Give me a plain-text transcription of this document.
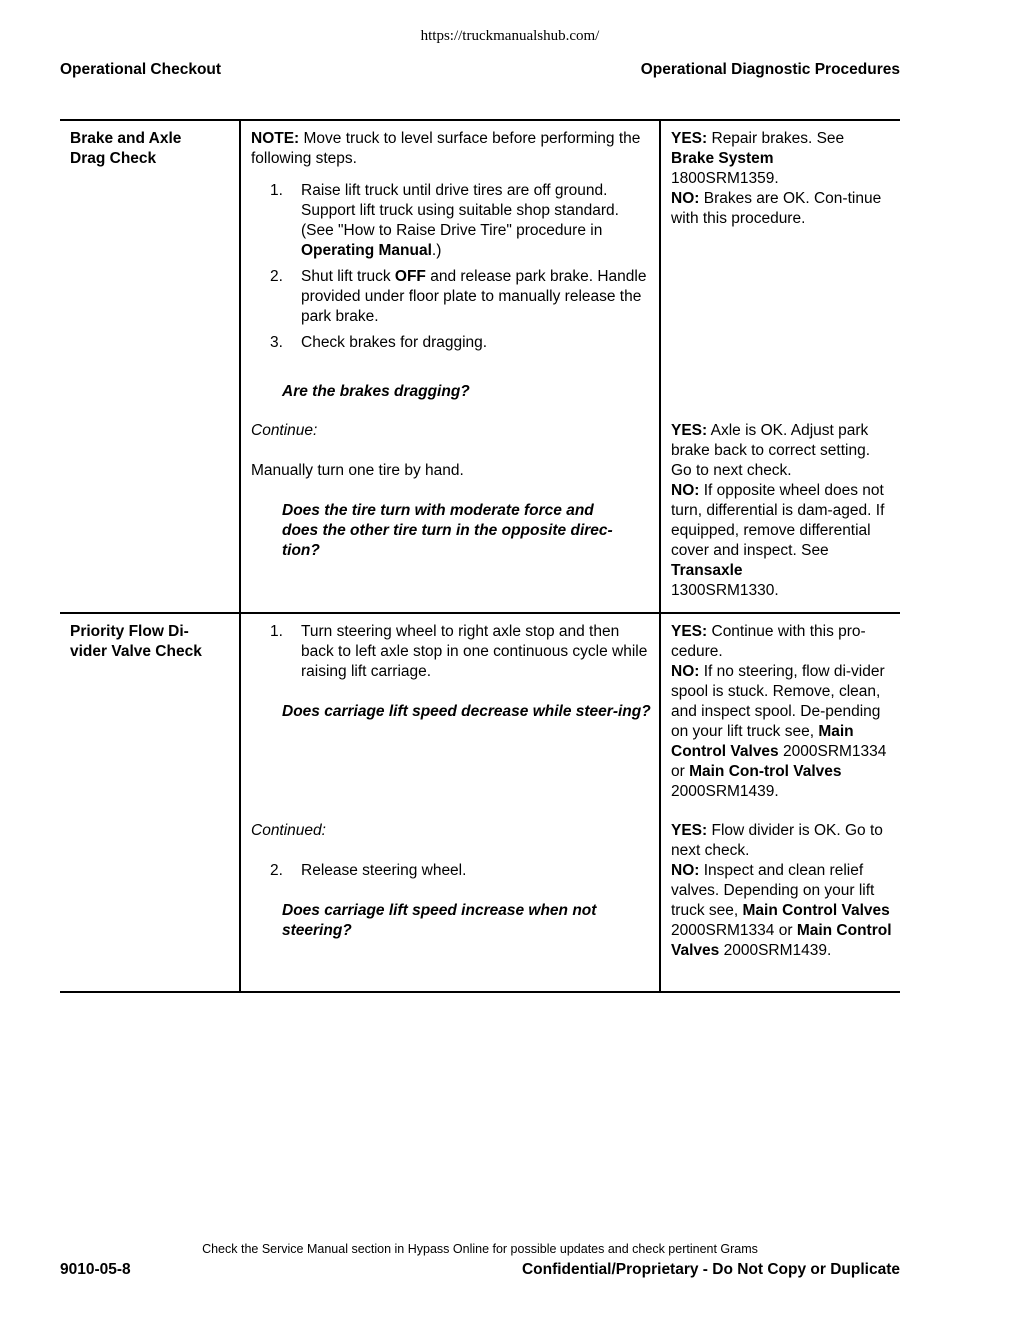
https://truckmanualshub.com/
Operational Checkout	Operational Diagnostic Procedures
Brake and Axle
Drag Check
NOTE: Move truck to level surface before performing the following steps.
1. Raise lift truck until drive tires are off ground. Support lift truck using suitable shop standard. (See "How to Raise Drive Tire" procedure in Operating Manual.)
2. Shut lift truck OFF and release park brake. Handle provided under floor plate to manually release the park brake.
3. Check brakes for dragging.
Are the brakes dragging?
YES: Repair brakes. See
Brake System
1800SRM1359.
NO: Brakes are OK. Con-tinue with this procedure.
Continue:
Manually turn one tire by hand.
Does the tire turn with moderate force and does the other tire turn in the opposite direc-tion?
YES: Axle is OK. Adjust park brake back to correct setting. Go to next check.
NO: If opposite wheel does not turn, differential is dam-aged. If equipped, remove differential cover and inspect. See Transaxle
1300SRM1330.
Priority Flow Di-
vider Valve Check
1. Turn steering wheel to right axle stop and then back to left axle stop in one continuous cycle while raising lift carriage.
Does carriage lift speed decrease while steer-ing?
YES: Continue with this pro-cedure.
NO: If no steering, flow di-vider spool is stuck. Remove, clean, and inspect spool. De-pending on your lift truck see, Main Control Valves 2000SRM1334 or Main Con-trol Valves 2000SRM1439.
Continued:
2. Release steering wheel.
Does carriage lift speed increase when not steering?
YES: Flow divider is OK. Go to next check.
NO: Inspect and clean relief valves. Depending on your lift truck see, Main Control Valves 2000SRM1334 or Main Control Valves 2000SRM1439.
Check the Service Manual section in Hypass Online for possible updates and check pertinent Grams
9010-05-8	Confidential/Proprietary - Do Not Copy or Duplicate
